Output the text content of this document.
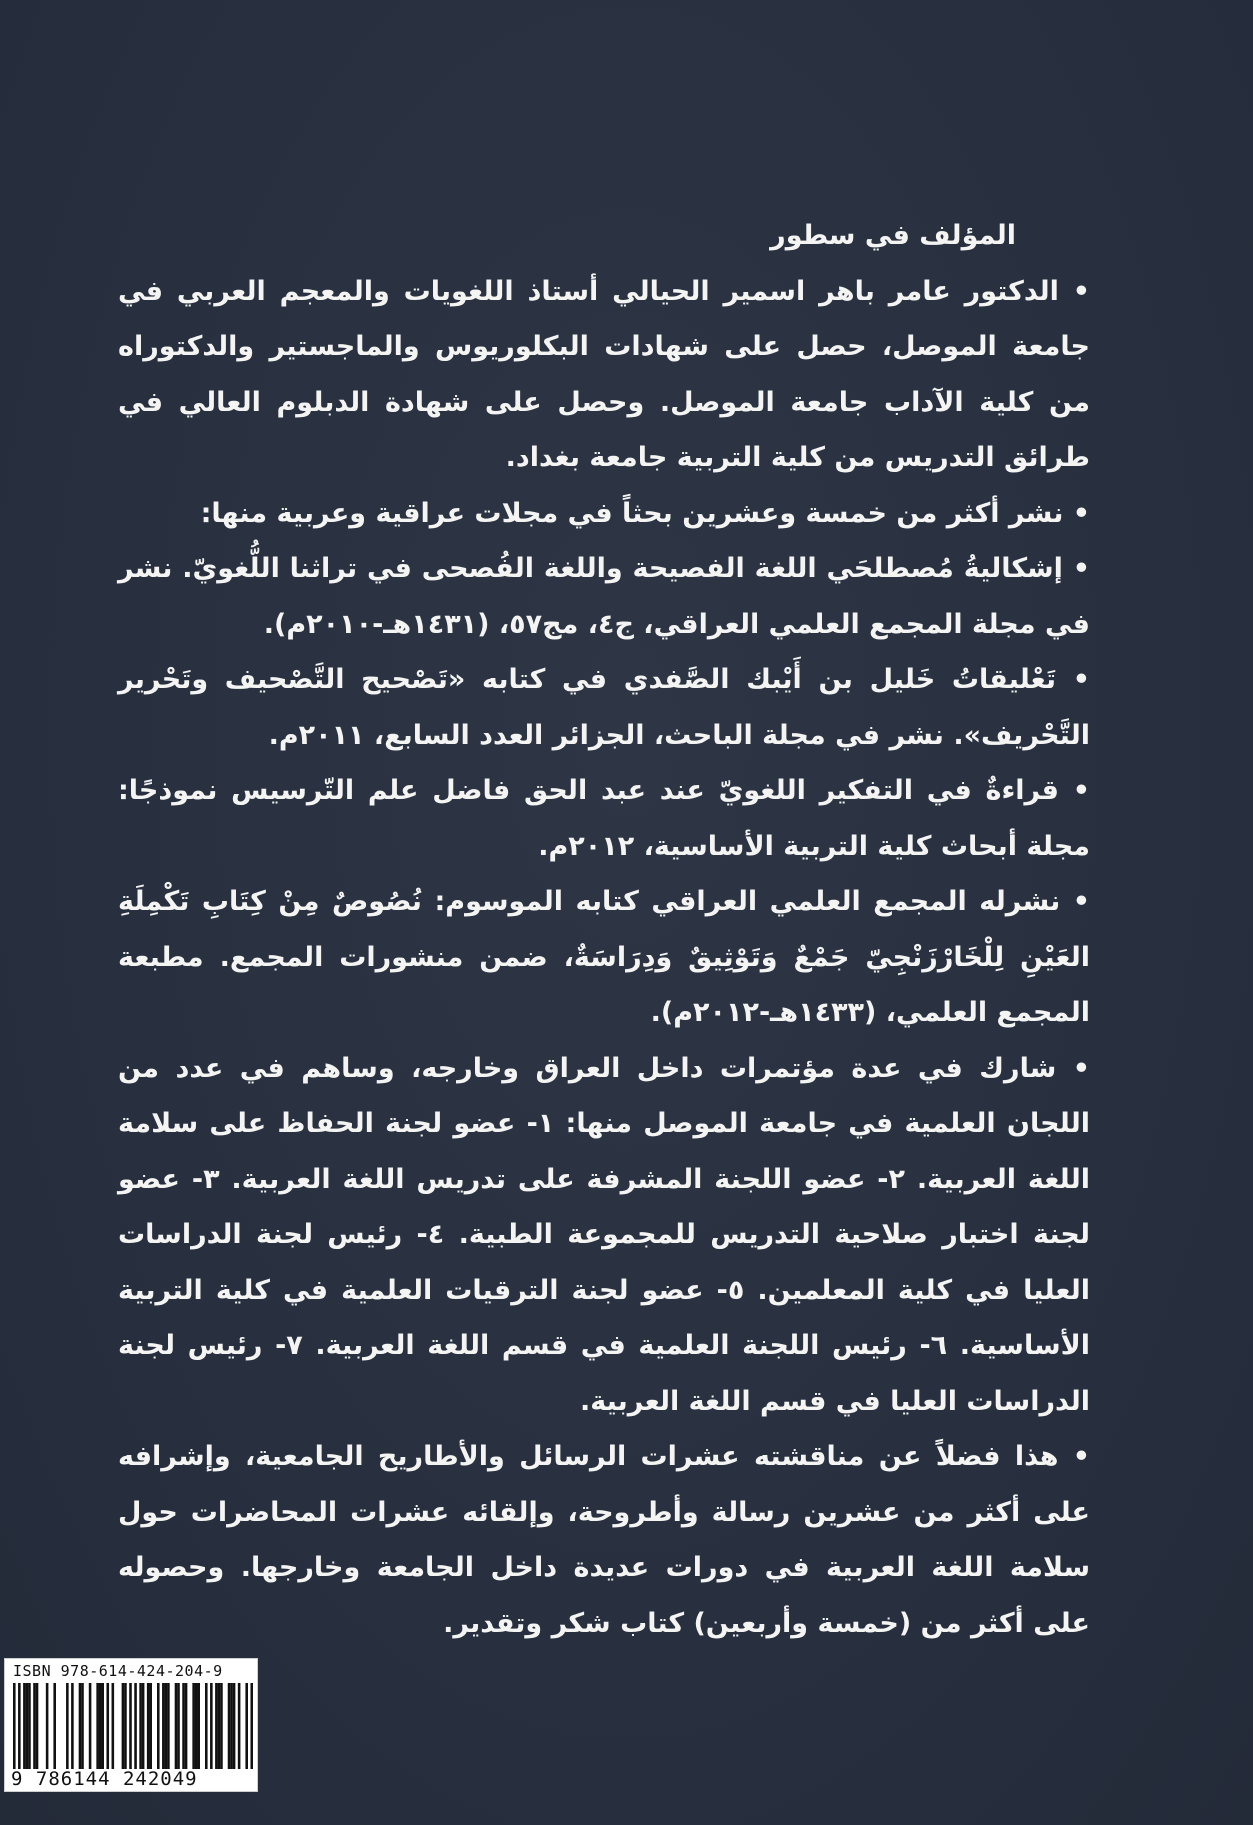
المؤلف في سطور

• الدكتور عامر باهر اسمير الحيالي أستاذ اللغويات والمعجم العربي في جامعة الموصل، حصل على شهادات البكلوريوس والماجستير والدكتوراه من كلية الآداب جامعة الموصل. وحصل على شهادة الدبلوم العالي في طرائق التدريس من كلية التربية جامعة بغداد.

• نشر أكثر من خمسة وعشرين بحثاً في مجلات عراقية وعربية منها:

• إشكاليةُ مُصطلحَي اللغة الفصيحة واللغة الفُصحى في تراثنا اللُّغويّ. نشر في مجلة المجمع العلمي العراقي، ج٤، مج٥٧، (١٤٣١هـ-٢٠١٠م).

• تَعْليقاتُ خَليل بن أَيْبك الصَّفدي في كتابه «تَصْحيح التَّصْحيف وتَحْرير التَّحْريف». نشر في مجلة الباحث، الجزائر العدد السابع، ٢٠١١م.

• قراءةٌ في التفكير اللغويّ عند عبد الحق فاضل علم التّرسيس نموذجًا: مجلة أبحاث كلية التربية الأساسية، ٢٠١٢م.

• نشرله المجمع العلمي العراقي كتابه الموسوم: نُصُوصٌ مِنْ كِتَابِ تَكْمِلَةِ العَيْنِ لِلْخَارْزَنْجِيّ جَمْعٌ وَتَوْثِيقٌ وَدِرَاسَةٌ، ضمن منشورات المجمع. مطبعة المجمع العلمي، (١٤٣٣هـ-٢٠١٢م).

• شارك في عدة مؤتمرات داخل العراق وخارجه، وساهم في عدد من اللجان العلمية في جامعة الموصل منها: ١- عضو لجنة الحفاظ على سلامة اللغة العربية. ٢- عضو اللجنة المشرفة على تدريس اللغة العربية. ٣- عضو لجنة اختبار صلاحية التدريس للمجموعة الطبية. ٤- رئيس لجنة الدراسات العليا في كلية المعلمين. ٥- عضو لجنة الترقيات العلمية في كلية التربية الأساسية. ٦- رئيس اللجنة العلمية في قسم اللغة العربية. ٧- رئيس لجنة الدراسات العليا في قسم اللغة العربية.

• هذا فضلاً عن مناقشته عشرات الرسائل والأطاريح الجامعية، وإشرافه على أكثر من عشرين رسالة وأطروحة، وإلقائه عشرات المحاضرات حول سلامة اللغة العربية في دورات عديدة داخل الجامعة وخارجها. وحصوله على أكثر من (خمسة وأربعين) كتاب شكر وتقدير.

ISBN 978-614-424-204-9
9 786144 242049
